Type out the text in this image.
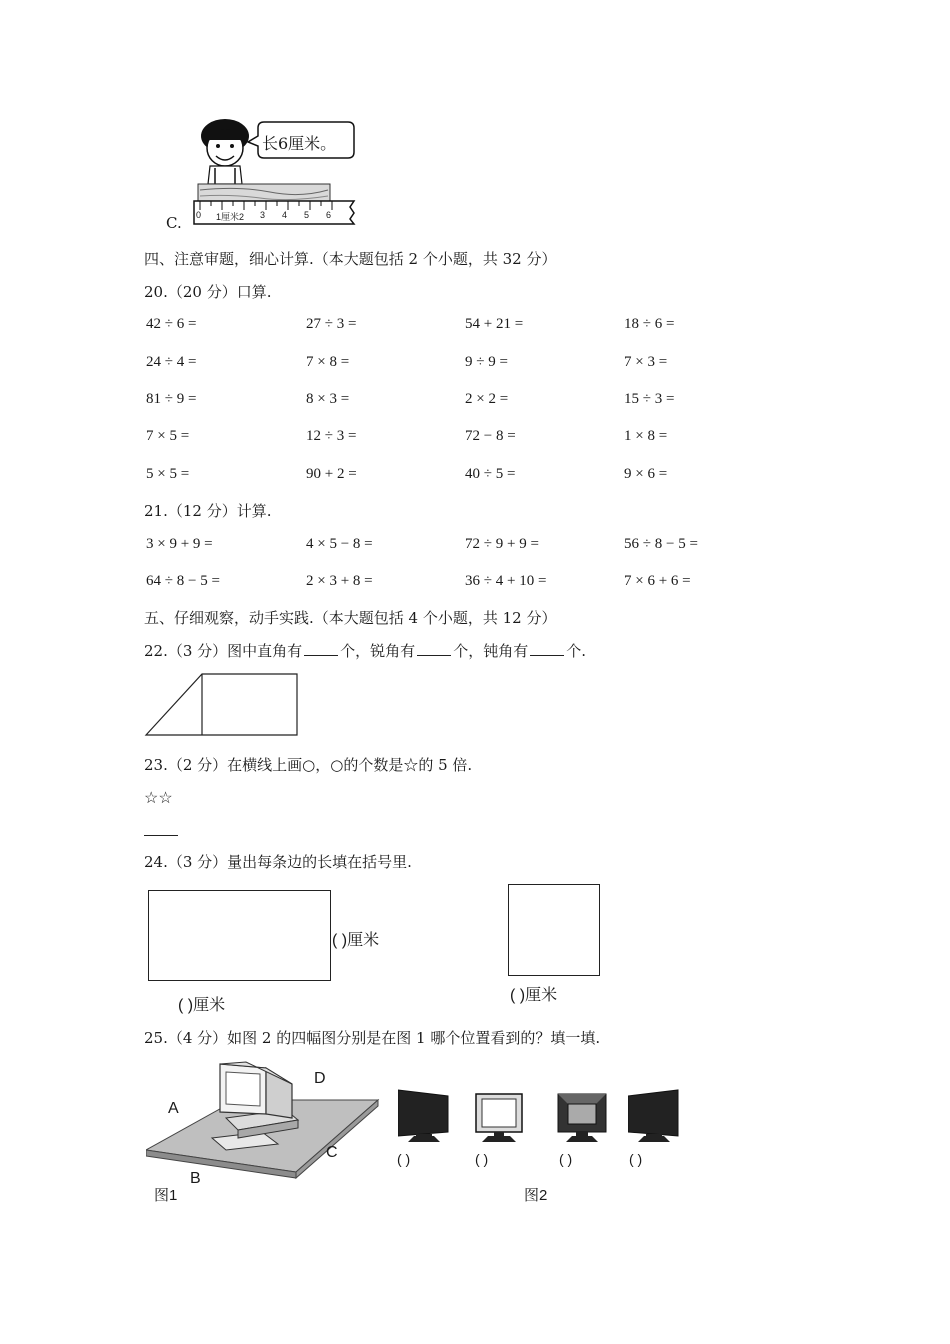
C.
长6厘米。
0 1厘米2 3 4 5 6
四、注意审题，细心计算.（本大题包括 2 个小题，共 32 分）
20.（20 分）口算.
42 ÷ 6 =	27 ÷ 3 =	54 + 21 =	18 ÷ 6 =
24 ÷ 4 =	7 × 8 =	9 ÷ 9 =	7 × 3 =
81 ÷ 9 =	8 × 3 =	2 × 2 =	15 ÷ 3 =
7 × 5 =	12 ÷ 3 =	72 − 8 =	1 × 8 =
5 × 5 =	90 + 2 =	40 ÷ 5 =	9 × 6 =
21.（12 分）计算.
3 × 9 + 9 =	4 × 5 − 8 =	72 ÷ 9 + 9 =	56 ÷ 8 − 5 =
64 ÷ 8 − 5 =	2 × 3 + 8 =	36 ÷ 4 + 10 =	7 × 6 + 6 =
五、仔细观察，动手实践.（本大题包括 4 个小题，共 12 分）
22.（3 分）图中直角有	个，锐角有	个，钝角有	个.
23.（2 分）在横线上画○，○的个数是☆的 5 倍.
☆☆
24.（3 分）量出每条边的长填在括号里.
( )厘米
( )厘米
( )厘米
25.（4 分）如图 2 的四幅图分别是在图 1 哪个位置看到的？填一填.
A
D
C
B
图1
( )	( )	( )	( )
图2
